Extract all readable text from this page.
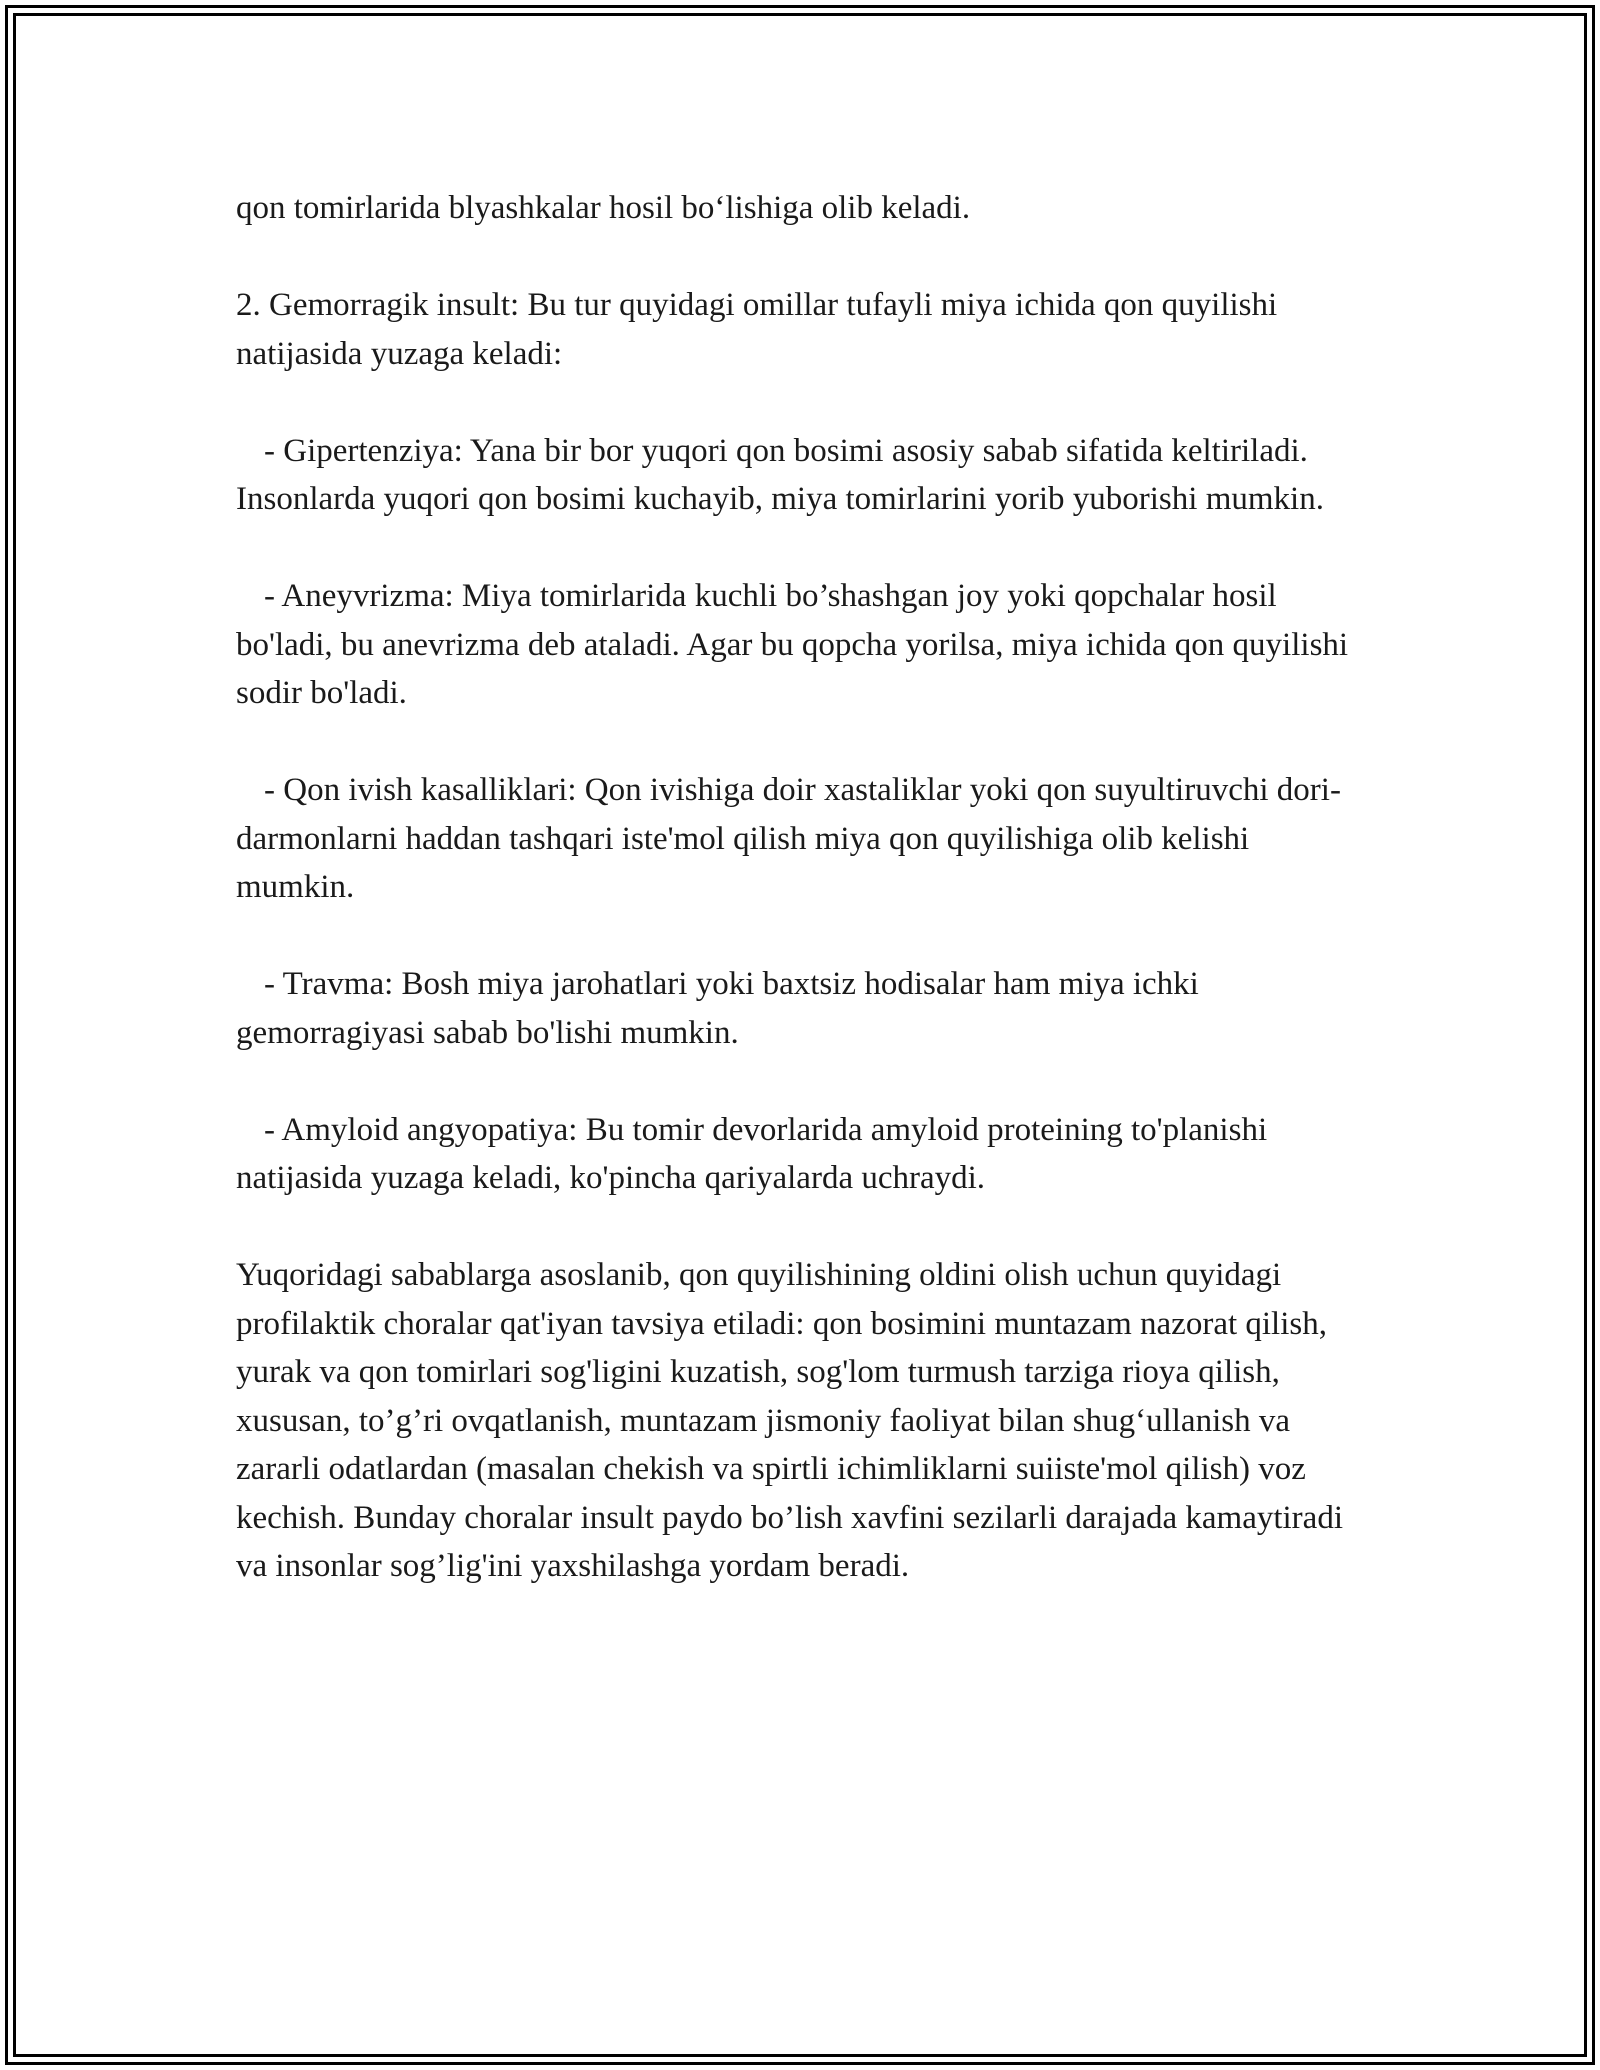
qon tomirlarida blyashkalar hosil bo‘lishiga olib keladi.

2. Gemorragik insult: Bu tur quyidagi omillar tufayli miya ichida qon quyilishi natijasida yuzaga keladi:

- Gipertenziya: Yana bir bor yuqori qon bosimi asosiy sabab sifatida keltiriladi. Insonlarda yuqori qon bosimi kuchayib, miya tomirlarini yorib yuborishi mumkin.

- Aneyvrizma: Miya tomirlarida kuchli bo’shashgan joy yoki qopchalar hosil bo'ladi, bu anevrizma deb ataladi. Agar bu qopcha yorilsa, miya ichida qon quyilishi sodir bo'ladi.

- Qon ivish kasalliklari: Qon ivishiga doir xastaliklar yoki qon suyultiruvchi dori-darmonlarni haddan tashqari iste'mol qilish miya qon quyilishiga olib kelishi mumkin.

- Travma: Bosh miya jarohatlari yoki baxtsiz hodisalar ham miya ichki gemorragiyasi sabab bo'lishi mumkin.

- Amyloid angyopatiya: Bu tomir devorlarida amyloid proteining to'planishi natijasida yuzaga keladi, ko'pincha qariyalarda uchraydi.

Yuqoridagi sabablarga asoslanib, qon quyilishining oldini olish uchun quyidagi profilaktik choralar qat'iyan tavsiya etiladi: qon bosimini muntazam nazorat qilish, yurak va qon tomirlari sog'ligini kuzatish, sog'lom turmush tarziga rioya qilish, xususan, to’g’ri ovqatlanish, muntazam jismoniy faoliyat bilan shug‘ullanish va zararli odatlardan (masalan chekish va spirtli ichimliklarni suiiste'mol qilish) voz kechish. Bunday choralar insult paydo bo’lish xavfini sezilarli darajada kamaytiradi va insonlar sog’lig'ini yaxshilashga yordam beradi.
